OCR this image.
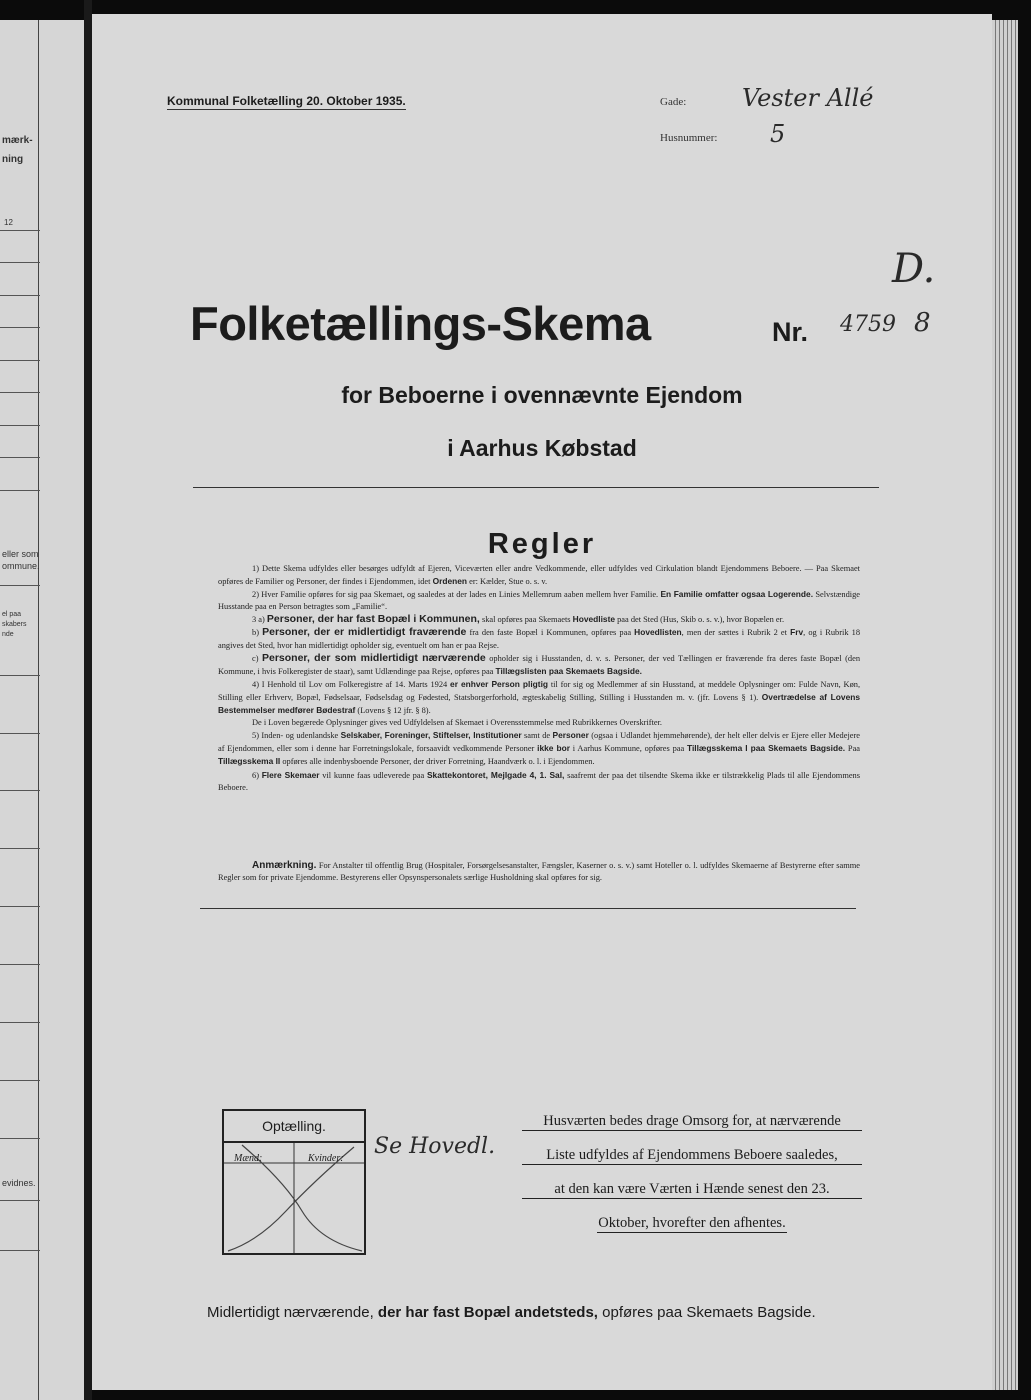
mærk-
ning
12
eller som
ommune.
el paa
skabers
nde
evidnes.
Kommunal Folketælling 20. Oktober 1935.	Gade: Vester Allé
Husnummer: 5
D.
Folketællings-Skema	Nr. 4759 8
for Beboerne i ovennævnte Ejendom
i Aarhus Købstad
Regler

1) Dette Skema udfyldes eller besørges udfyldt af Ejeren, Viceværten eller andre Vedkommende, eller udfyldes ved Cirkulation blandt Ejendommens Beboere. — Paa Skemaet opføres de Familier og Personer, der findes i Ejendommen, idet Ordenen er: Kælder, Stue o. s. v.

2) Hver Familie opføres for sig paa Skemaet, og saaledes at der lades en Linies Mellemrum aaben mellem hver Familie. En Familie omfatter ogsaa Logerende. Selvstændige Husstande paa en Person betragtes som „Familie“.

3 a) Personer, der har fast Bopæl i Kommunen, skal opføres paa Skemaets Hovedliste paa det Sted (Hus, Skib o. s. v.), hvor Bopælen er.

b) Personer, der er midlertidigt fraværende fra den faste Bopæl i Kommunen, opføres paa Hovedlisten, men der sættes i Rubrik 2 et Frv, og i Rubrik 18 angives det Sted, hvor han midlertidigt opholder sig, eventuelt om han er paa Rejse.

c) Personer, der som midlertidigt nærværende opholder sig i Husstanden, d. v. s. Personer, der ved Tællingen er fraværende fra deres faste Bopæl (den Kommune, i hvis Folkeregister de staar), samt Udlændinge paa Rejse, opføres paa Tillægslisten paa Skemaets Bagside.

4) I Henhold til Lov om Folkeregistre af 14. Marts 1924 er enhver Person pligtig til for sig og Medlemmer af sin Husstand, at meddele Oplysninger om: Fulde Navn, Køn, Stilling eller Erhverv, Bopæl, Fødselsaar, Fødselsdag og Fødested, Statsborgerforhold, ægteskabelig Stilling, Stilling i Husstanden m. v. (jfr. Lovens § 1). Overtrædelse af Lovens Bestemmelser medfører Bødestraf (Lovens § 12 jfr. § 8).

De i Loven begærede Oplysninger gives ved Udfyldelsen af Skemaet i Overensstemmelse med Rubrikkernes Overskrifter.

5) Inden- og udenlandske Selskaber, Foreninger, Stiftelser, Institutioner samt de Personer (ogsaa i Udlandet hjemmehørende), der helt eller delvis er Ejere eller Medejere af Ejendommen, eller som i denne har Forretningslokale, forsaavidt vedkommende Personer ikke bor i Aarhus Kommune, opføres paa Tillægsskema I paa Skemaets Bagside. Paa Tillægsskema II opføres alle indenbysboende Personer, der driver Forretning, Haandværk o. l. i Ejendommen.

6) Flere Skemaer vil kunne faas udleverede paa Skattekontoret, Mejlgade 4, 1. Sal, saafremt der paa det tilsendte Skema ikke er tilstrækkelig Plads til alle Ejendommens Beboere.

Anmærkning. For Anstalter til offentlig Brug (Hospitaler, Forsørgelsesanstalter, Fængsler, Kaserner o. s. v.) samt Hoteller o. l. udfyldes Skemaerne af Bestyrerne efter samme Regler som for private Ejendomme. Bestyrerens eller Opsynspersonalets særlige Husholdning skal opføres for sig.

Optælling.
Mænd:	Kvinder: Se Hovedl.
Husværten bedes drage Omsorg for, at nærværende
Liste udfyldes af Ejendommens Beboere saaledes,
at den kan være Værten i Hænde senest den 23.
Oktober, hvorefter den afhentes.
Midlertidigt nærværende, der har fast Bopæl andetsteds, opføres paa Skemaets Bagside.
